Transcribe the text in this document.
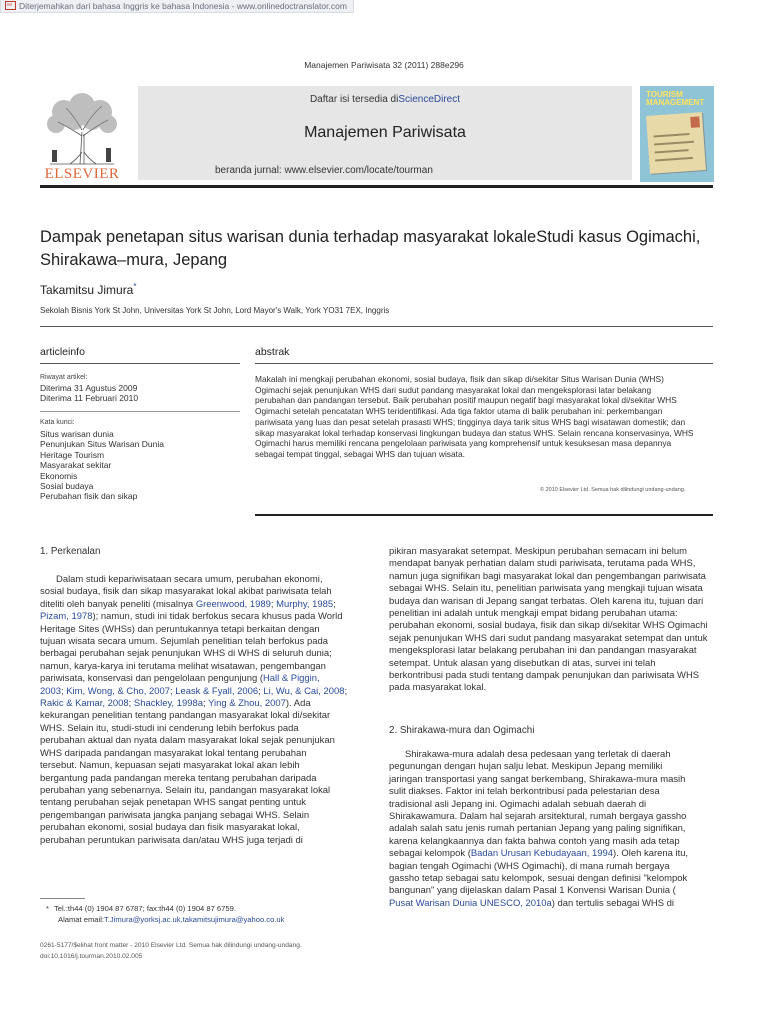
Diterjemahkan dari bahasa Inggris ke bahasa Indonesia - www.onlinedoctranslator.com
Manajemen Pariwisata 32 (2011) 288e296
Daftar isi tersedia diScienceDirect
Manajemen Pariwisata
beranda jurnal: www.elsevier.com/locate/tourman
ELSEVIER
TOURISM MANAGEMENT
Dampak penetapan situs warisan dunia terhadap masyarakat lokaleStudi kasus Ogimachi, Shirakawa–mura, Jepang
Takamitsu Jimura*
Sekolah Bisnis York St John, Universitas York St John, Lord Mayor's Walk, York YO31 7EX, Inggris
articleinfo
Riwayat artikel:
Diterima 31 Agustus 2009
Diterima 11 Februari 2010
Kata kunci:
Situs warisan dunia
Penunjukan Situs Warisan Dunia
Heritage Tourism
Masyarakat sekitar
Ekonomis
Sosial budaya
Perubahan fisik dan sikap
abstrak
Makalah ini mengkaji perubahan ekonomi, sosial budaya, fisik dan sikap di/sekitar Situs Warisan Dunia (WHS)
Ogimachi sejak penunjukan WHS dari sudut pandang masyarakat lokal dan mengeksplorasi latar belakang
perubahan dan pandangan tersebut. Baik perubahan positif maupun negatif bagi masyarakat lokal di/sekitar WHS
Ogimachi setelah pencatatan WHS teridentifikasi. Ada tiga faktor utama di balik perubahan ini: perkembangan
pariwisata yang luas dan pesat setelah prasasti WHS; tingginya daya tarik situs WHS bagi wisatawan domestik; dan
sikap masyarakat lokal terhadap konservasi lingkungan budaya dan status WHS. Selain rencana konservasinya, WHS
Ogimachi harus memiliki rencana pengelolaan pariwisata yang komprehensif untuk kesuksesan masa depannya
sebagai tempat tinggal, sebagai WHS dan tujuan wisata.
© 2010 Elsevier Ltd. Semua hak dilindungi undang-undang.
1. Perkenalan
Dalam studi kepariwisataan secara umum, perubahan ekonomi,
sosial budaya, fisik dan sikap masyarakat lokal akibat pariwisata telah
diteliti oleh banyak peneliti (misalnya Greenwood, 1989; Murphy, 1985;
Pizam, 1978); namun, studi ini tidak berfokus secara khusus pada World
Heritage Sites (WHSs) dan peruntukannya tetapi berkaitan dengan
tujuan wisata secara umum. Sejumlah penelitian telah berfokus pada
berbagai perubahan sejak penunjukan WHS di WHS di seluruh dunia;
namun, karya-karya ini terutama melihat wisatawan, pengembangan
pariwisata, konservasi dan pengelolaan pengunjung (Hall & Piggin,
2003; Kim, Wong, & Cho, 2007; Leask & Fyall, 2006; Li, Wu, & Cai, 2008;
Rakic & Kamar, 2008; Shackley, 1998a; Ying & Zhou, 2007). Ada
kekurangan penelitian tentang pandangan masyarakat lokal di/sekitar
WHS. Selain itu, studi-studi ini cenderung lebih berfokus pada
perubahan aktual dan nyata dalam masyarakat lokal sejak penunjukan
WHS daripada pandangan masyarakat lokal tentang perubahan
tersebut. Namun, kepuasan sejati masyarakat lokal akan lebih
bergantung pada pandangan mereka tentang perubahan daripada
perubahan yang sebenarnya. Selain itu, pandangan masyarakat lokal
tentang perubahan sejak penetapan WHS sangat penting untuk
pengembangan pariwisata jangka panjang sebagai WHS. Selain
perubahan ekonomi, sosial budaya dan fisik masyarakat lokal,
perubahan peruntukan pariwisata dan/atau WHS juga terjadi di
pikiran masyarakat setempat. Meskipun perubahan semacam ini belum
mendapat banyak perhatian dalam studi pariwisata, terutama pada WHS,
namun juga signifikan bagi masyarakat lokal dan pengembangan pariwisata
sebagai WHS. Selain itu, penelitian pariwisata yang mengkaji tujuan wisata
budaya dan warisan di Jepang sangat terbatas. Oleh karena itu, tujuan dari
penelitian ini adalah untuk mengkaji empat bidang perubahan utama:
perubahan ekonomi, sosial budaya, fisik dan sikap di/sekitar WHS Ogimachi
sejak penunjukan WHS dari sudut pandang masyarakat setempat dan untuk
mengeksplorasi latar belakang perubahan ini dan pandangan masyarakat
setempat. Untuk alasan yang disebutkan di atas, survei ini telah
berkontribusi pada studi tentang dampak penunjukan dan pariwisata WHS
pada masyarakat lokal.
2. Shirakawa-mura dan Ogimachi
Shirakawa-mura adalah desa pedesaan yang terletak di daerah
pegunungan dengan hujan salju lebat. Meskipun Jepang memiliki
jaringan transportasi yang sangat berkembang, Shirakawa-mura masih
sulit diakses. Faktor ini telah berkontribusi pada pelestarian desa
tradisional asli Jepang ini. Ogimachi adalah sebuah daerah di
Shirakawamura. Dalam hal sejarah arsitektural, rumah bergaya gassho
adalah salah satu jenis rumah pertanian Jepang yang paling signifikan,
karena kelangkaannya dan fakta bahwa contoh yang masih ada tetap
sebagai kelompok (Badan Urusan Kebudayaan, 1994). Oleh karena itu,
bagian tengah Ogimachi (WHS Ogimachi), di mana rumah bergaya
gassho tetap sebagai satu kelompok, sesuai dengan definisi "kelompok
bangunan" yang dijelaskan dalam Pasal 1 Konvensi Warisan Dunia (
Pusat Warisan Dunia UNESCO, 2010a) dan tertulis sebagai WHS di
* Tel.:th44 (0) 1904 87 6787; fax:th44 (0) 1904 87 6759.
Alamat email:T.Jimura@yorksj.ac.uk,takamitsujimura@yahoo.co.uk
0261-5177/$elihat front matter - 2010 Elsevier Ltd. Semua hak dilindungi undang-undang.
doi:10.1016/j.tourman.2010.02.005
